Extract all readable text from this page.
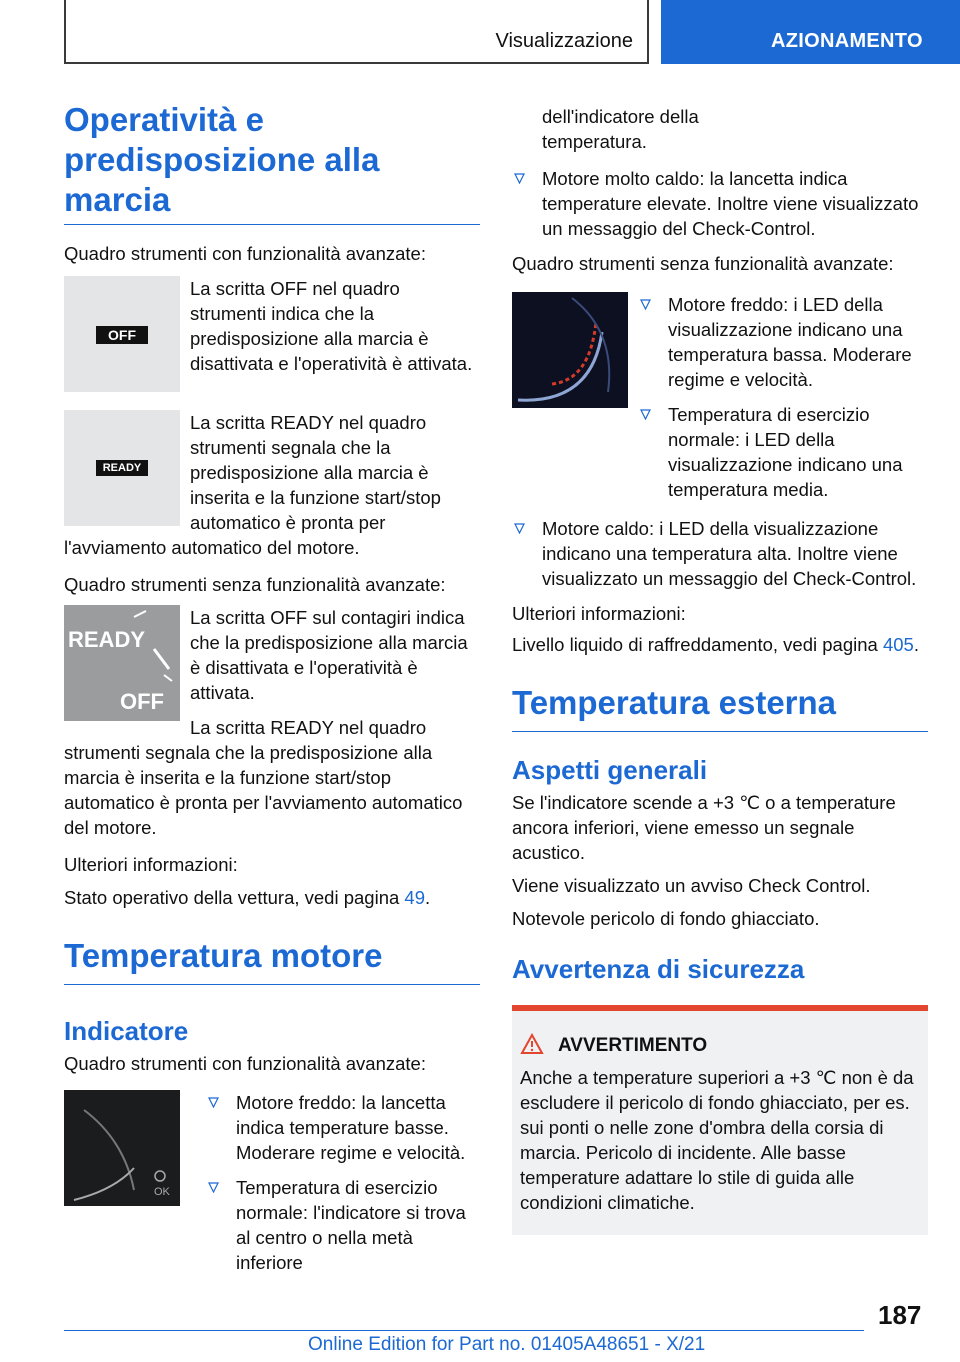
Visualizzazione	AZIONAMENTO
Operatività e predisposizione alla marcia

Quadro strumenti con funzionalità avanzate:

OFF

La scritta OFF nel quadro strumenti indica che la predisposizione alla marcia è disattivata e l'operatività è attivata.

READY

La scritta READY nel quadro strumenti segnala che la predisposizione alla marcia è inserita e la funzione start/stop automatico è pronta per l'avviamento automatico del motore.

Quadro strumenti senza funzionalità avanzate:

READY
OFF

La scritta OFF sul contagiri indica che la predisposizione alla marcia è disattivata e l'operatività è attivata.

La scritta READY nel quadro strumenti segnala che la predisposizione alla marcia è inserita e la funzione start/stop automatico è pronta per l'avviamento automatico del motore.

Ulteriori informazioni:

Stato operativo della vettura, vedi pagina 49.

Temperatura motore
Indicatore

Quadro strumenti con funzionalità avanzate:

OK
Motore freddo: la lancetta indica temperature basse. Moderare regime e velocità.
Temperatura di esercizio normale: l'indicatore si trova al centro o nella metà inferiore

dell'indicatore della temperatura.

Motore molto caldo: la lancetta indica temperature elevate. Inoltre viene visualizzato un messaggio del Check-Control.

Quadro strumenti senza funzionalità avanzate:

Motore freddo: i LED della visualizzazione indicano una temperatura bassa. Moderare regime e velocità.
Temperatura di esercizio normale: i LED della visualizzazione indicano una temperatura media.
Motore caldo: i LED della visualizzazione indicano una temperatura alta. Inoltre viene visualizzato un messaggio del Check-Control.

Ulteriori informazioni:

Livello liquido di raffreddamento, vedi pagina 405.

Temperatura esterna
Aspetti generali

Se l'indicatore scende a +3 ℃ o a temperature ancora inferiori, viene emesso un segnale acustico.

Viene visualizzato un avviso Check Control.

Notevole pericolo di fondo ghiacciato.

Avvertenza di sicurezza
AVVERTIMENTO

Anche a temperature superiori a +3 ℃ non è da escludere il pericolo di fondo ghiacciato, per es. sui ponti o nelle zone d'ombra della corsia di marcia. Pericolo di incidente. Alle basse temperature adattare lo stile di guida alle condizioni climatiche.

187
Online Edition for Part no. 01405A48651 - X/21
